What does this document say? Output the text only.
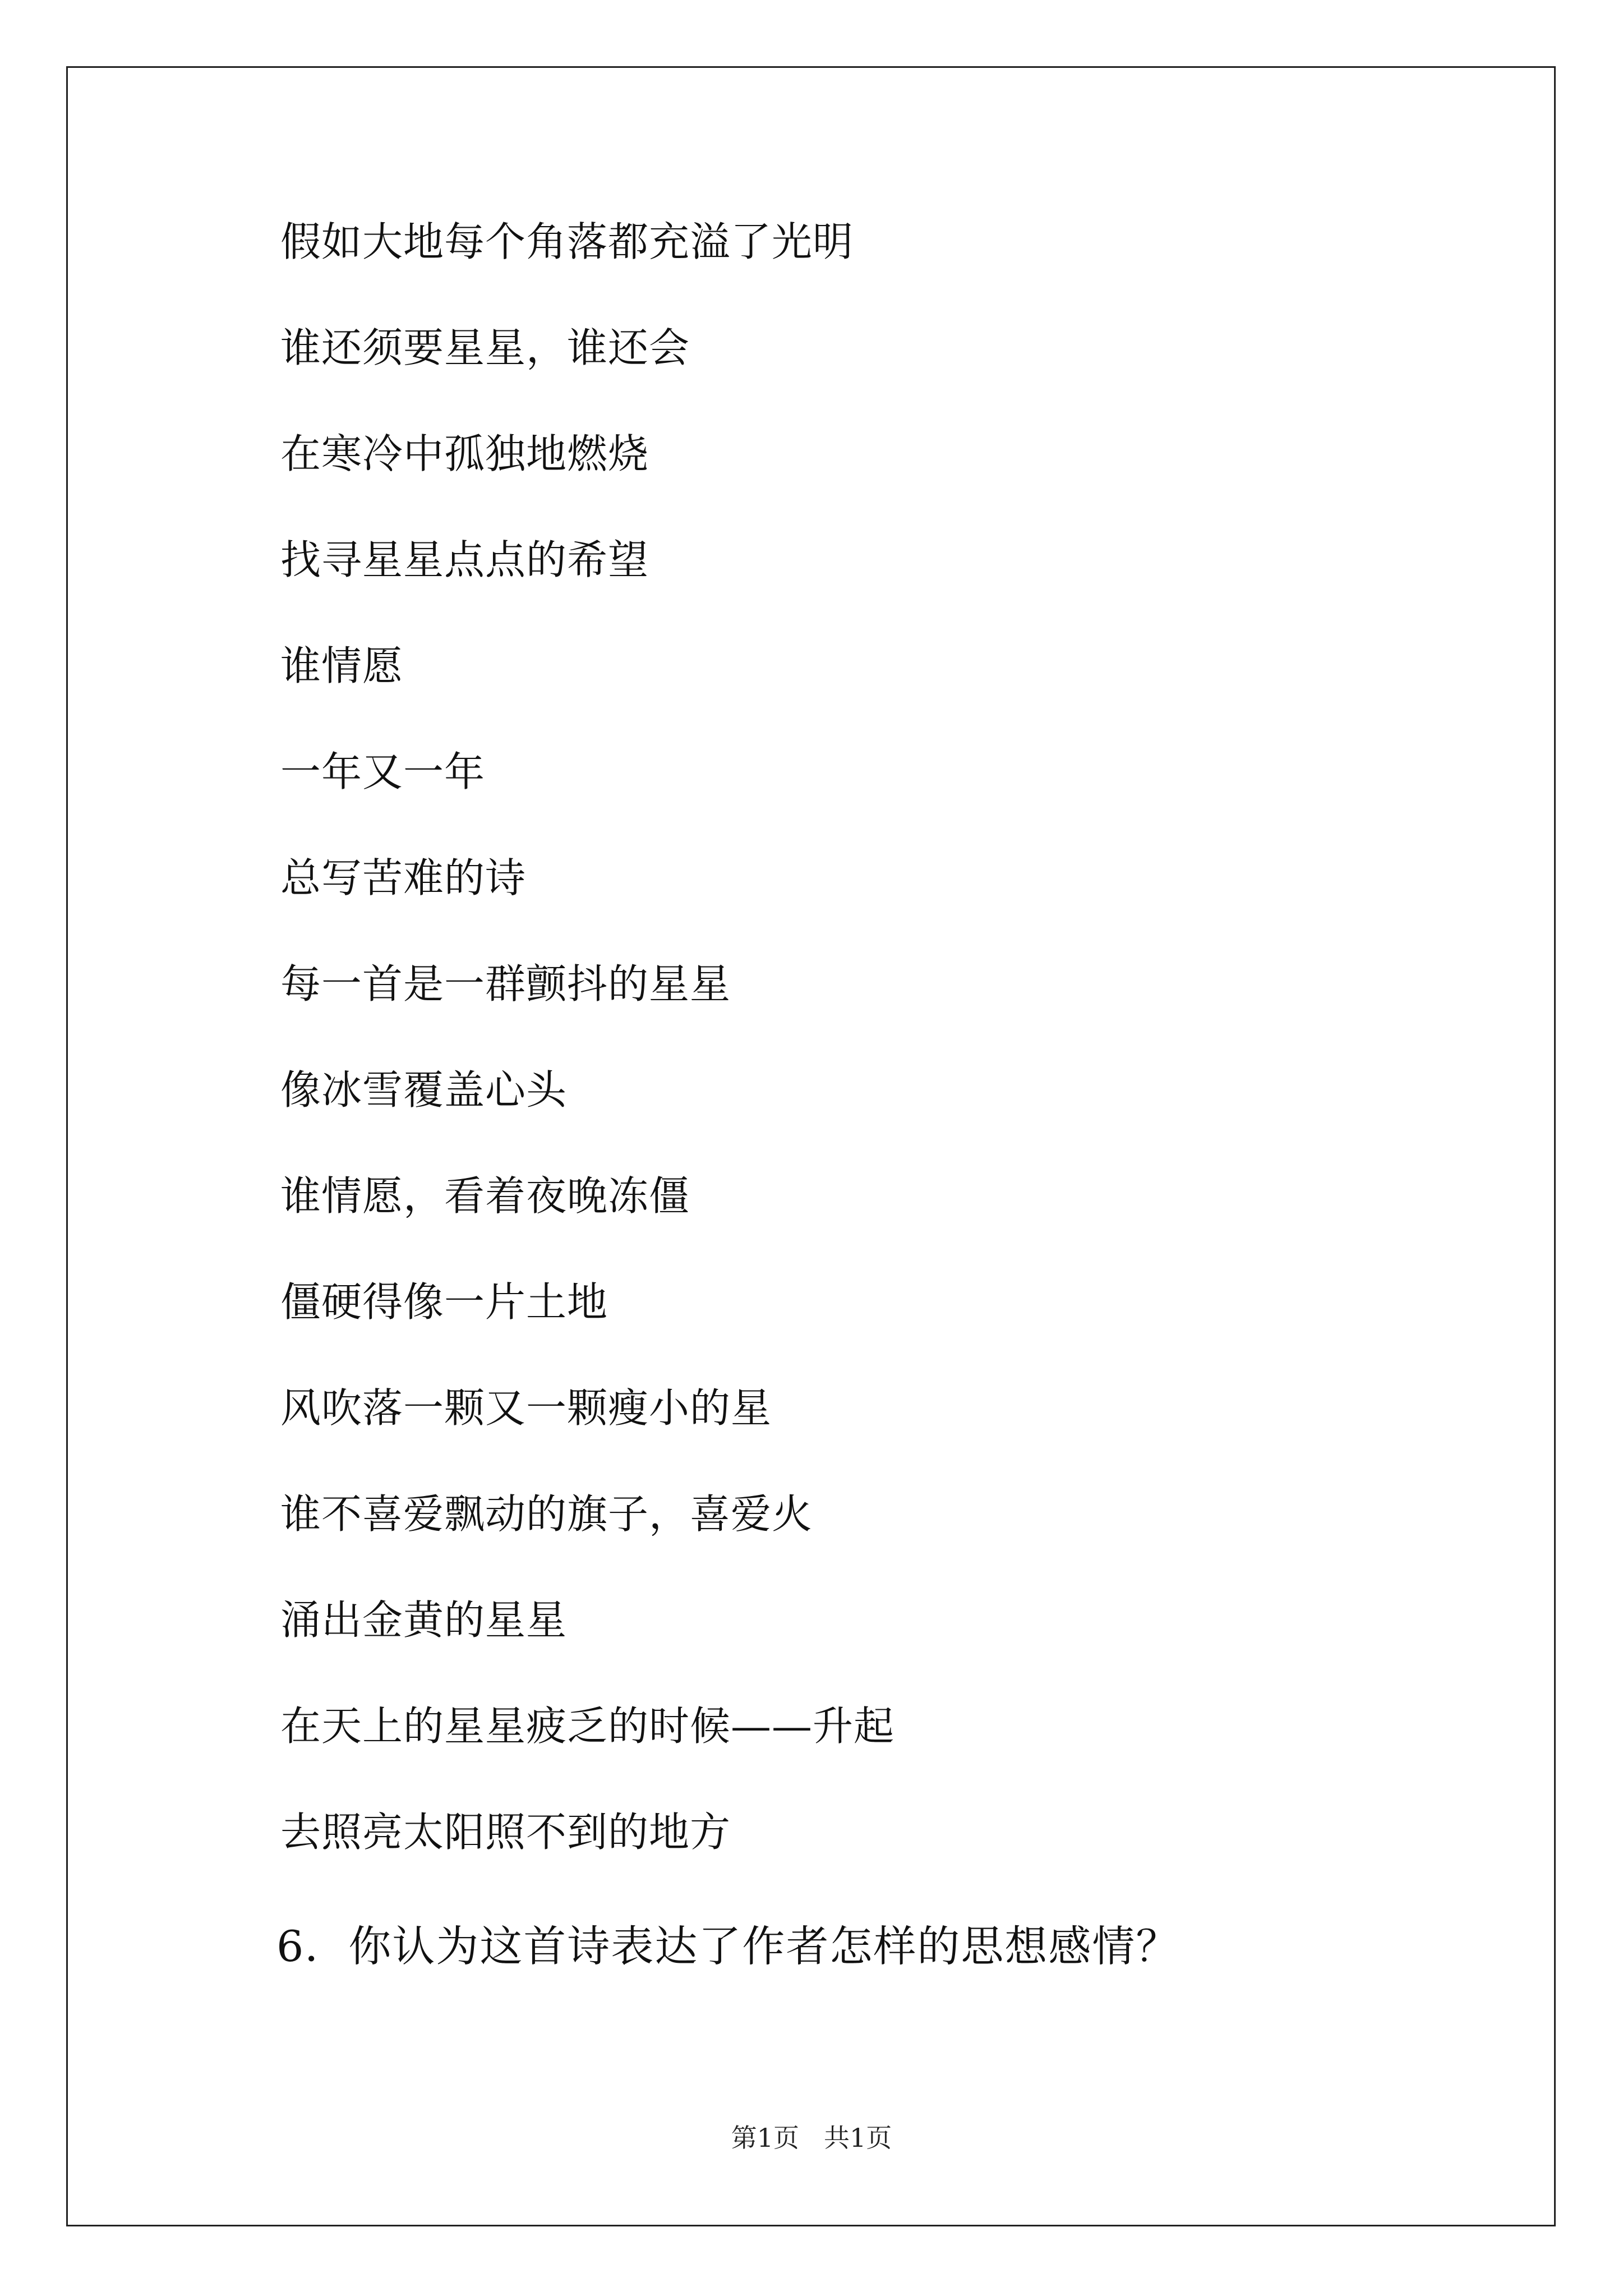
假如大地每个角落都充溢了光明
谁还须要星星，谁还会
在寒冷中孤独地燃烧
找寻星星点点的希望
谁情愿
一年又一年
总写苦难的诗
每一首是一群颤抖的星星
像冰雪覆盖心头
谁情愿，看着夜晚冻僵
僵硬得像一片土地
风吹落一颗又一颗瘦小的星
谁不喜爱飘动的旗子，喜爱火
涌出金黄的星星
在天上的星星疲乏的时候——升起
去照亮太阳照不到的地方
6．你认为这首诗表达了作者怎样的思想感情？
第1页 共1页
